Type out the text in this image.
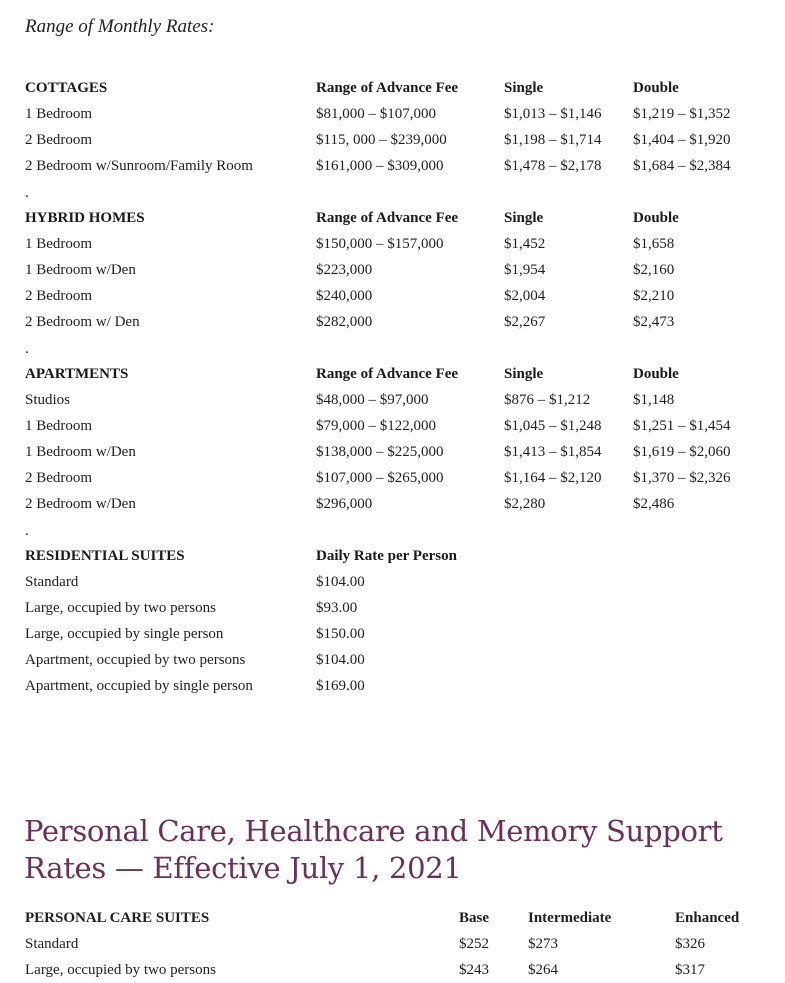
Range of Monthly Rates:
COTTAGES	Range of Advance Fee	Single	Double
1 Bedroom	$81,000 – $107,000	$1,013 – $1,146	$1,219 – $1,352
2 Bedroom	$115, 000 – $239,000	$1,198 – $1,714	$1,404 – $1,920
2 Bedroom w/Sunroom/Family Room	$161,000 – $309,000	$1,478 – $2,178	$1,684 – $2,384
.
HYBRID HOMES	Range of Advance Fee	Single	Double
1 Bedroom	$150,000 – $157,000	$1,452	$1,658
1 Bedroom w/Den	$223,000	$1,954	$2,160
2 Bedroom	$240,000	$2,004	$2,210
2 Bedroom w/ Den	$282,000	$2,267	$2,473
.
APARTMENTS	Range of Advance Fee	Single	Double
Studios	$48,000 – $97,000	$876 – $1,212	$1,148
1 Bedroom	$79,000 – $122,000	$1,045 – $1,248	$1,251 – $1,454
1 Bedroom w/Den	$138,000 – $225,000	$1,413 – $1,854	$1,619 – $2,060
2 Bedroom	$107,000 – $265,000	$1,164 – $2,120	$1,370 – $2,326
2 Bedroom w/Den	$296,000	$2,280	$2,486
.
RESIDENTIAL SUITES	Daily Rate per Person
Standard	$104.00
Large, occupied by two persons	$93.00
Large, occupied by single person	$150.00
Apartment, occupied by two persons	$104.00
Apartment, occupied by single person	$169.00
Personal Care, Healthcare and Memory Support Rates — Effective July 1, 2021
PERSONAL CARE SUITES	Base	Intermediate	Enhanced
Standard	$252	$273	$326
Large, occupied by two persons	$243	$264	$317
